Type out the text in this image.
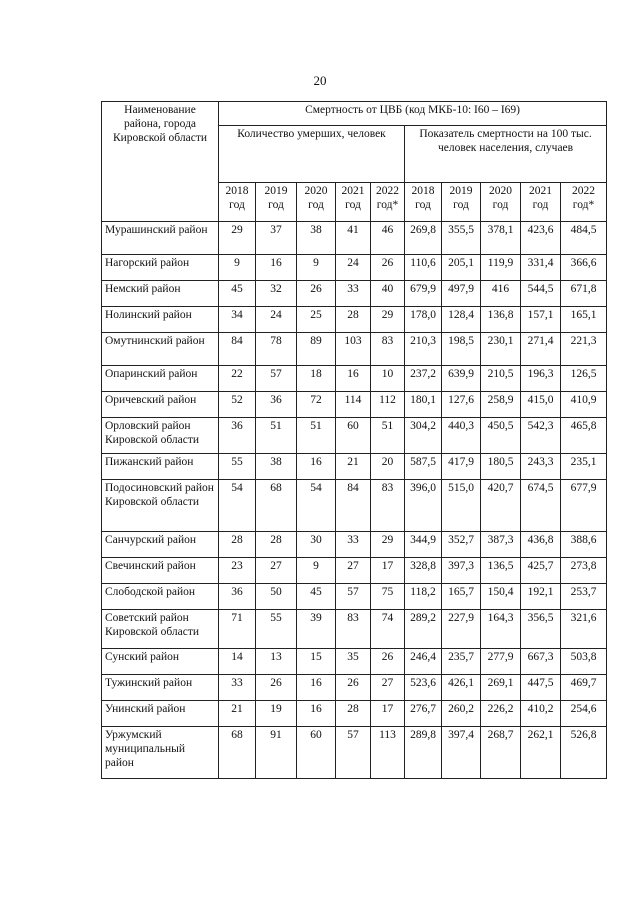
20
Наименование района, города Кировской области	Смертность от ЦВБ (код МКБ-10: I60 – I69)									
	Количество умерших, человек					Показатель смертности на 100 тыс. человек населения, случаев				
	2018 год	2019 год	2020 год	2021 год	2022 год*	2018 год	2019 год	2020 год	2021 год	2022 год*
Мурашинский район	29	37	38	41	46	269,8	355,5	378,1	423,6	484,5
Нагорский район	9	16	9	24	26	110,6	205,1	119,9	331,4	366,6
Немский район	45	32	26	33	40	679,9	497,9	416	544,5	671,8
Нолинский район	34	24	25	28	29	178,0	128,4	136,8	157,1	165,1
Омутнинский район	84	78	89	103	83	210,3	198,5	230,1	271,4	221,3
Опаринский район	22	57	18	16	10	237,2	639,9	210,5	196,3	126,5
Оричевский район	52	36	72	114	112	180,1	127,6	258,9	415,0	410,9
Орловский район Кировской области	36	51	51	60	51	304,2	440,3	450,5	542,3	465,8
Пижанский район	55	38	16	21	20	587,5	417,9	180,5	243,3	235,1
Подосиновский район Кировской области	54	68	54	84	83	396,0	515,0	420,7	674,5	677,9
Санчурский район	28	28	30	33	29	344,9	352,7	387,3	436,8	388,6
Свечинский район	23	27	9	27	17	328,8	397,3	136,5	425,7	273,8
Слободской район	36	50	45	57	75	118,2	165,7	150,4	192,1	253,7
Советский район Кировской области	71	55	39	83	74	289,2	227,9	164,3	356,5	321,6
Сунский район	14	13	15	35	26	246,4	235,7	277,9	667,3	503,8
Тужинский район	33	26	16	26	27	523,6	426,1	269,1	447,5	469,7
Унинский район	21	19	16	28	17	276,7	260,2	226,2	410,2	254,6
Уржумский муниципальный район	68	91	60	57	113	289,8	397,4	268,7	262,1	526,8
